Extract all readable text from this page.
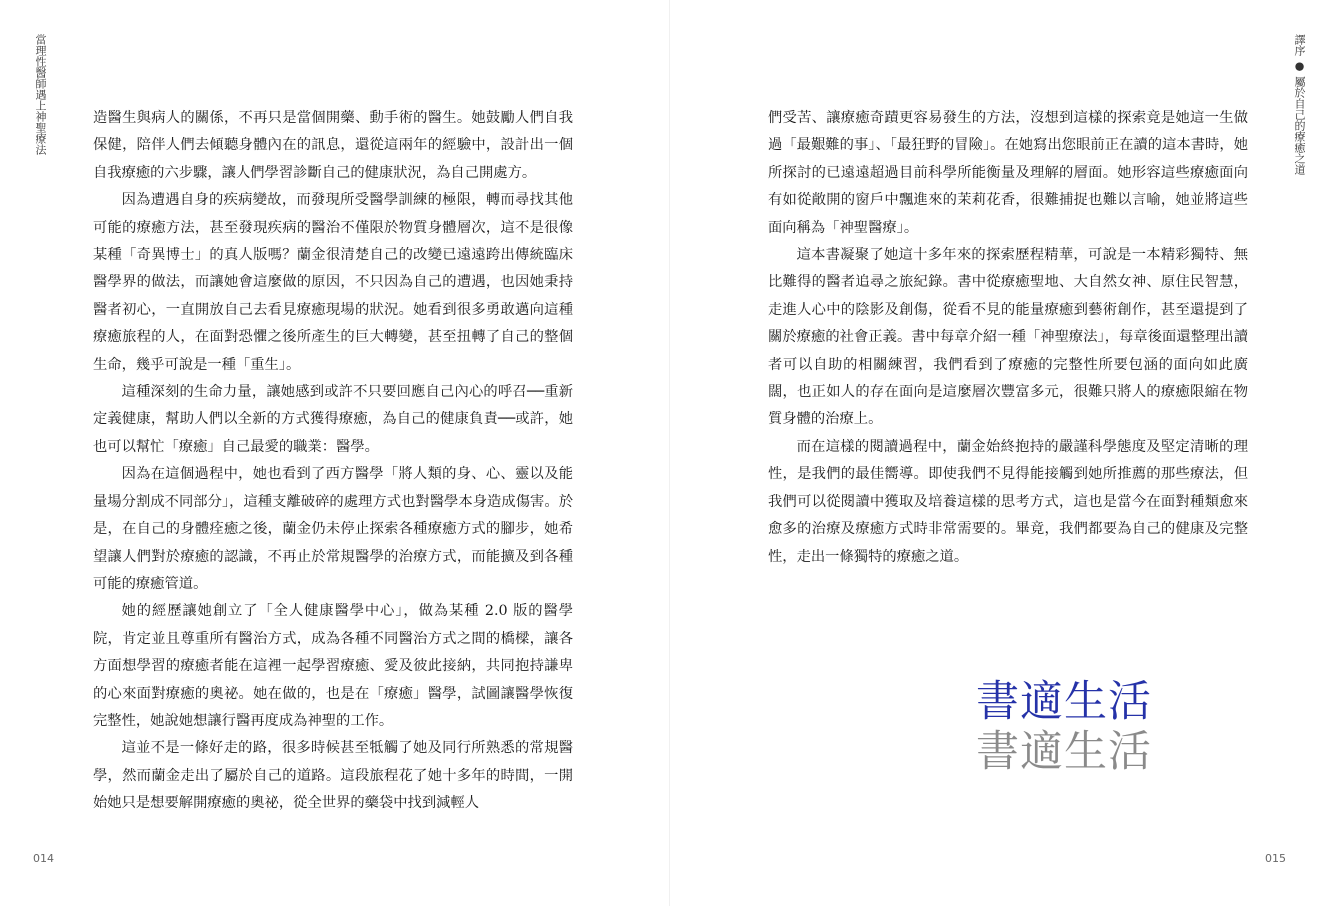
當理性醫師遇上神聖療法	造醫生與病人的關係，不再只是當個開藥、動手術的醫生。她鼓勵人們自我保健，陪伴人們去傾聽身體內在的訊息，還從這兩年的經驗中，設計出一個自我療癒的六步驟，讓人們學習診斷自己的健康狀況，為自己開處方。

因為遭遇自身的疾病變故，而發現所受醫學訓練的極限，轉而尋找其他可能的療癒方法，甚至發現疾病的醫治不僅限於物質身體層次，這不是很像某種「奇異博士」的真人版嗎？蘭金很清楚自己的改變已遠遠跨出傳統臨床醫學界的做法，而讓她會這麼做的原因，不只因為自己的遭遇，也因她秉持醫者初心，一直開放自己去看見療癒現場的狀況。她看到很多勇敢邁向這種療癒旅程的人，在面對恐懼之後所產生的巨大轉變，甚至扭轉了自己的整個生命，幾乎可說是一種「重生」。

這種深刻的生命力量，讓她感到或許不只要回應自己內心的呼召──重新定義健康，幫助人們以全新的方式獲得療癒，為自己的健康負責──或許，她也可以幫忙「療癒」自己最愛的職業：醫學。

因為在這個過程中，她也看到了西方醫學「將人類的身、心、靈以及能量場分割成不同部分」，這種支離破碎的處理方式也對醫學本身造成傷害。於是，在自己的身體痊癒之後，蘭金仍未停止探索各種療癒方式的腳步，她希望讓人們對於療癒的認識，不再止於常規醫學的治療方式，而能擴及到各種可能的療癒管道。

她的經歷讓她創立了「全人健康醫學中心」，做為某種 2.0 版的醫學院，肯定並且尊重所有醫治方式，成為各種不同醫治方式之間的橋樑，讓各方面想學習的療癒者能在這裡一起學習療癒、愛及彼此接納，共同抱持謙卑的心來面對療癒的奧祕。她在做的，也是在「療癒」醫學，試圖讓醫學恢復完整性，她說她想讓行醫再度成為神聖的工作。

這並不是一條好走的路，很多時候甚至牴觸了她及同行所熟悉的常規醫學，然而蘭金走出了屬於自己的道路。這段旅程花了她十多年的時間，一開始她只是想要解開療癒的奧祕，從全世界的藥袋中找到減輕人

014
譯序 ● 屬於自己的療癒之道

們受苦、讓療癒奇蹟更容易發生的方法，沒想到這樣的探索竟是她這一生做過「最艱難的事」、「最狂野的冒險」。在她寫出您眼前正在讀的這本書時，她所探討的已遠遠超過目前科學所能衡量及理解的層面。她形容這些療癒面向有如從敞開的窗戶中飄進來的茉莉花香，很難捕捉也難以言喻，她並將這些面向稱為「神聖醫療」。

這本書凝聚了她這十多年來的探索歷程精華，可說是一本精彩獨特、無比難得的醫者追尋之旅紀錄。書中從療癒聖地、大自然女神、原住民智慧，走進人心中的陰影及創傷，從看不見的能量療癒到藝術創作，甚至還提到了關於療癒的社會正義。書中每章介紹一種「神聖療法」，每章後面還整理出讀者可以自助的相關練習，我們看到了療癒的完整性所要包涵的面向如此廣闊，也正如人的存在面向是這麼層次豐富多元，很難只將人的療癒限縮在物質身體的治療上。

而在這樣的閱讀過程中，蘭金始終抱持的嚴謹科學態度及堅定清晰的理性，是我們的最佳嚮導。即使我們不見得能接觸到她所推薦的那些療法，但我們可以從閱讀中獲取及培養這樣的思考方式，這也是當今在面對種類愈來愈多的治療及療癒方式時非常需要的。畢竟，我們都要為自己的健康及完整性，走出一條獨特的療癒之道。

書適生活
書適生活
015
